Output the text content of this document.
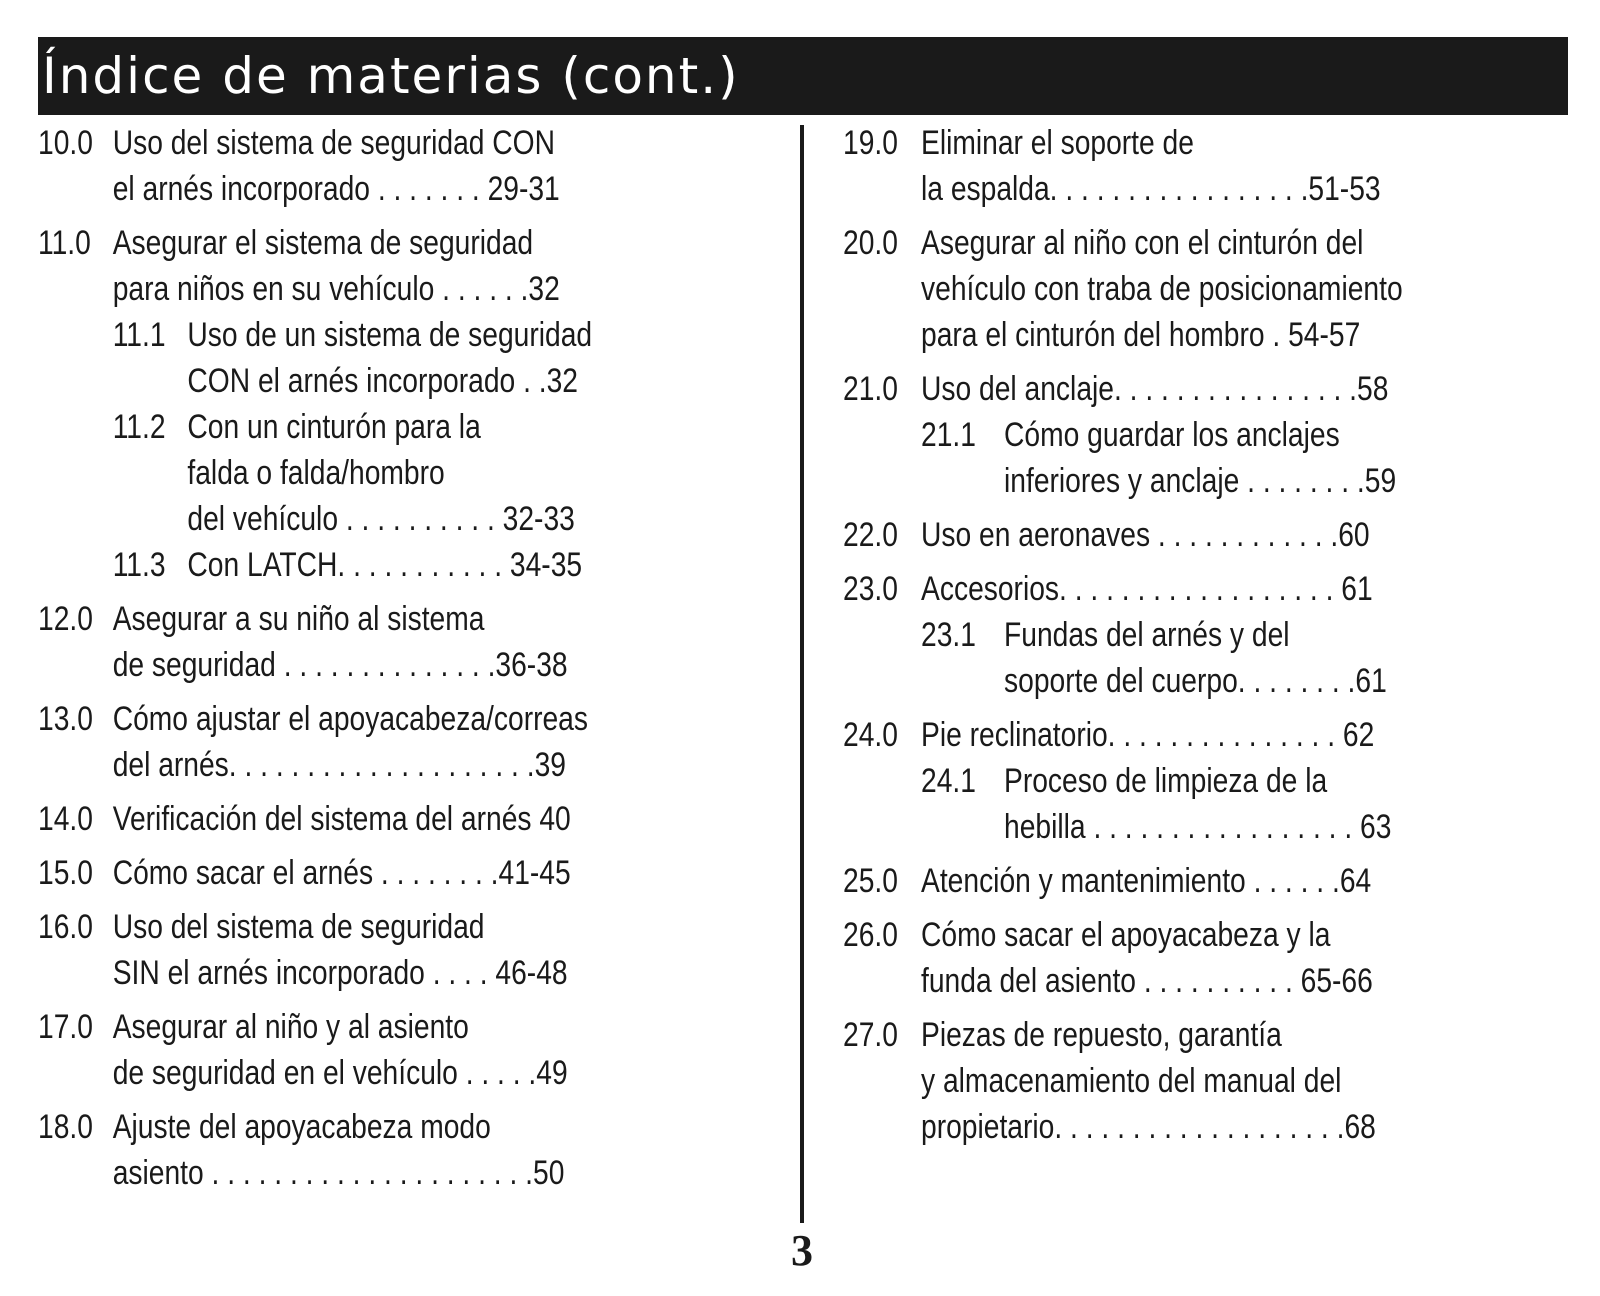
Índice de materias (cont.)
10.0 Uso del sistema de seguridad CON
el arnés incorporado . . . . . . . 29-31
11.0 Asegurar el sistema de seguridad
para niños en su vehículo . . . . . .32
11.1 Uso de un sistema de seguridad
CON el arnés incorporado . .32
11.2 Con un cinturón para la
falda o falda/hombro
del vehículo . . . . . . . . . . 32-33
11.3 Con LATCH. . . . . . . . . . . 34-35
12.0 Asegurar a su niño al sistema
de seguridad . . . . . . . . . . . . . .36-38
13.0 Cómo ajustar el apoyacabeza/correas
del arnés. . . . . . . . . . . . . . . . . . . .39
14.0 Verificación del sistema del arnés 40
15.0 Cómo sacar el arnés . . . . . . . .41-45
16.0 Uso del sistema de seguridad
SIN el arnés incorporado . . . . 46-48
17.0 Asegurar al niño y al asiento
de seguridad en el vehículo . . . . .49
18.0 Ajuste del apoyacabeza modo
asiento . . . . . . . . . . . . . . . . . . . . .50
19.0 Eliminar el soporte de
la espalda. . . . . . . . . . . . . . . . .51-53
20.0 Asegurar al niño con el cinturón del
vehículo con traba de posicionamiento
para el cinturón del hombro . 54-57
21.0 Uso del anclaje. . . . . . . . . . . . . . . .58
21.1 Cómo guardar los anclajes
inferiores y anclaje . . . . . . . .59
22.0 Uso en aeronaves . . . . . . . . . . . .60
23.0 Accesorios. . . . . . . . . . . . . . . . . . 61
23.1 Fundas del arnés y del
soporte del cuerpo. . . . . . . .61
24.0 Pie reclinatorio. . . . . . . . . . . . . . . 62
24.1 Proceso de limpieza de la
hebilla . . . . . . . . . . . . . . . . . 63
25.0 Atención y mantenimiento . . . . . .64
26.0 Cómo sacar el apoyacabeza y la
funda del asiento . . . . . . . . . . 65-66
27.0 Piezas de repuesto, garantía
y almacenamiento del manual del
propietario. . . . . . . . . . . . . . . . . . .68
3
